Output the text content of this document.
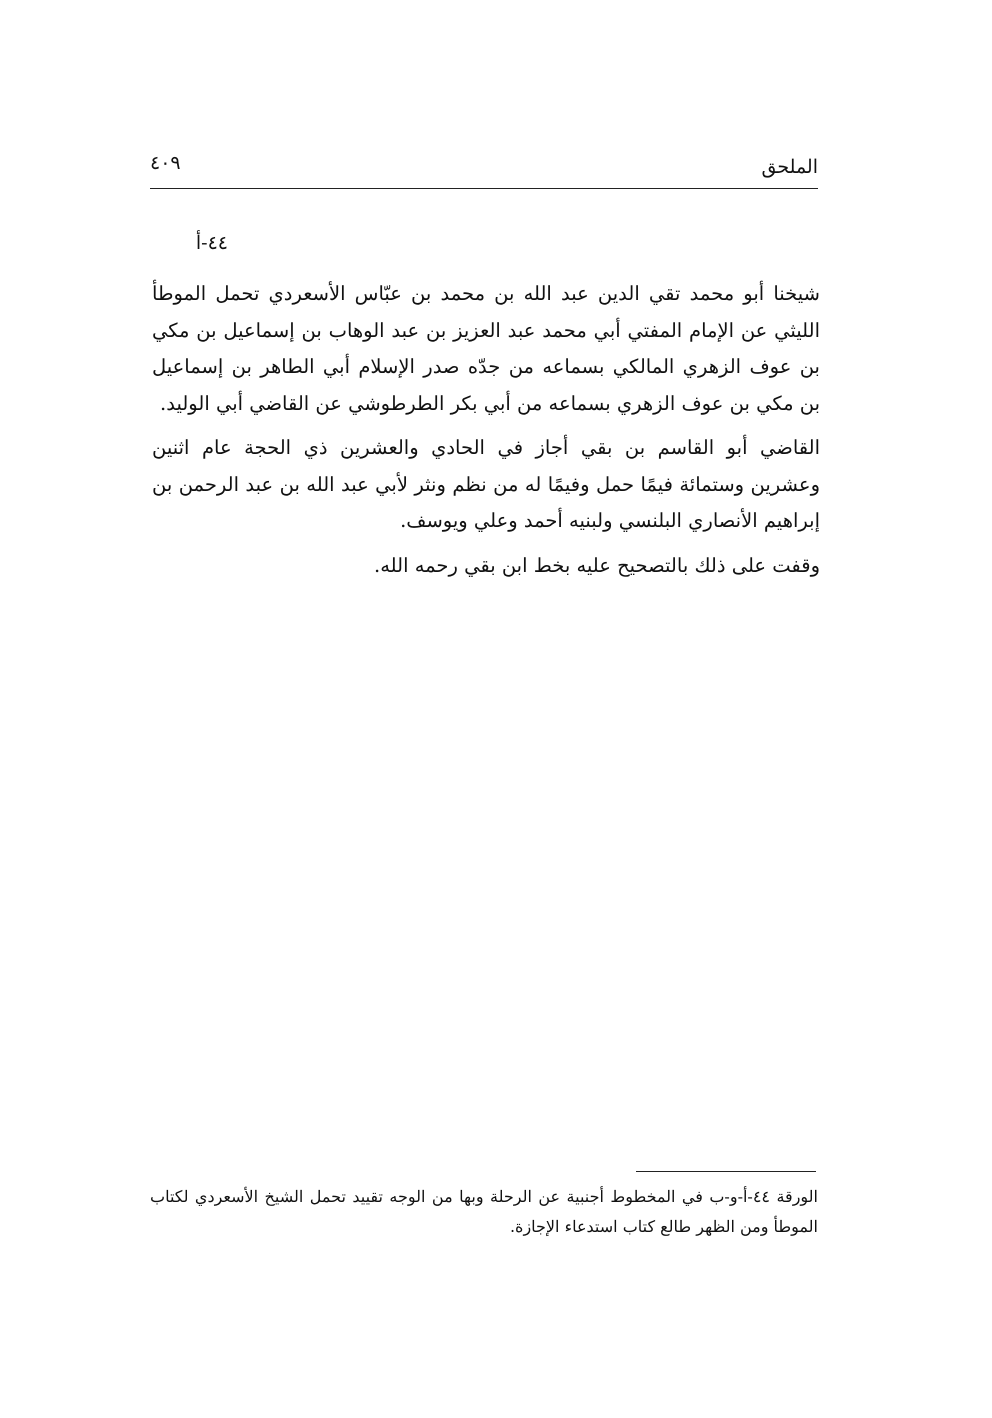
الملحق
٤٠٩
٤٤-أ

شيخنا أبو محمد تقي الدين عبد الله بن محمد بن عبّاس الأسعردي تحمل الموطأ الليثي عن الإمام المفتي أبي محمد عبد العزيز بن عبد الوهاب بن إسماعيل بن مكي بن عوف الزهري المالكي بسماعه من جدّه صدر الإسلام أبي الطاهر بن إسماعيل بن مكي بن عوف الزهري بسماعه من أبي بكر الطرطوشي عن القاضي أبي الوليد.

القاضي أبو القاسم بن بقي أجاز في الحادي والعشرين ذي الحجة عام اثنين وعشرين وستمائة فيمًا حمل وفيمًا له من نظم ونثر لأبي عبد الله بن عبد الرحمن بن إبراهيم الأنصاري البلنسي ولبنيه أحمد وعلي ويوسف.

وقفت على ذلك بالتصحيح عليه بخط ابن بقي رحمه الله.

الورقة ٤٤-أ-و-ب في المخطوط أجنبية عن الرحلة وبها من الوجه تقييد تحمل الشيخ الأسعردي لكتاب الموطأ ومن الظهر طالع كتاب استدعاء الإجازة.
